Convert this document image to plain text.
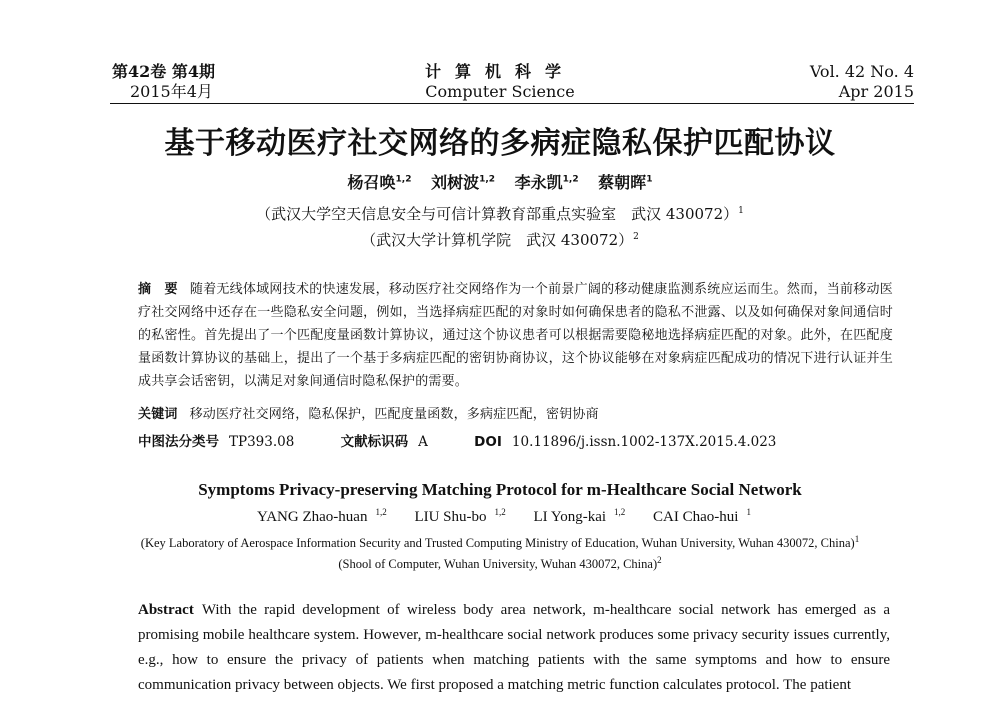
第42卷 第4期
2015年4月
计算机科学
Computer Science
Vol. 42 No. 4
Apr 2015
基于移动医疗社交网络的多病症隐私保护匹配协议
杨召唤$^{1,2}$ 刘树波$^{1,2}$ 李永凯$^{1,2}$ 蔡朝晖$^1$
（武汉大学空天信息安全与可信计算教育部重点实验室　武汉 430072）$^1$
（武汉大学计算机学院　武汉 430072）$^2$
摘　要 随着无线体域网技术的快速发展，移动医疗社交网络作为一个前景广阔的移动健康监测系统应运而生。然而，当前移动医疗社交网络中还存在一些隐私安全问题，例如，当选择病症匹配的对象时如何确保患者的隐私不泄露、以及如何确保对象间通信时的私密性。首先提出了一个匹配度量函数计算协议，通过这个协议患者可以根据需要隐秘地选择病症匹配的对象。此外，在匹配度量函数计算协议的基础上，提出了一个基于多病症匹配的密钥协商协议，这个协议能够在对象病症匹配成功的情况下进行认证并生成共享会话密钥，以满足对象间通信时隐私保护的需要。
关键词 移动医疗社交网络，隐私保护，匹配度量函数，多病症匹配，密钥协商
中图法分类号 TP393.08	文献标识码 A	DOI 10.11896/j.issn.1002-137X.2015.4.023
Symptoms Privacy-preserving Matching Protocol for m-Healthcare Social Network
YANG Zhao-huan $^{1,2}$ LIU Shu-bo $^{1,2}$ LI Yong-kai $^{1,2}$ CAI Chao-hui $^1$
(Key Laboratory of Aerospace Information Security and Trusted Computing Ministry of Education, Wuhan University, Wuhan 430072, China)$^1$
(Shool of Computer, Wuhan University, Wuhan 430072, China)$^2$
Abstract With the rapid development of wireless body area network, m-healthcare social network has emerged as a promising mobile healthcare system. However, m-healthcare social network produces some privacy security issues currently, e.g., how to ensure the privacy of patients when matching patients with the same symptoms and how to ensure communication privacy between objects. We first proposed a matching metric function calculates protocol. The patient
